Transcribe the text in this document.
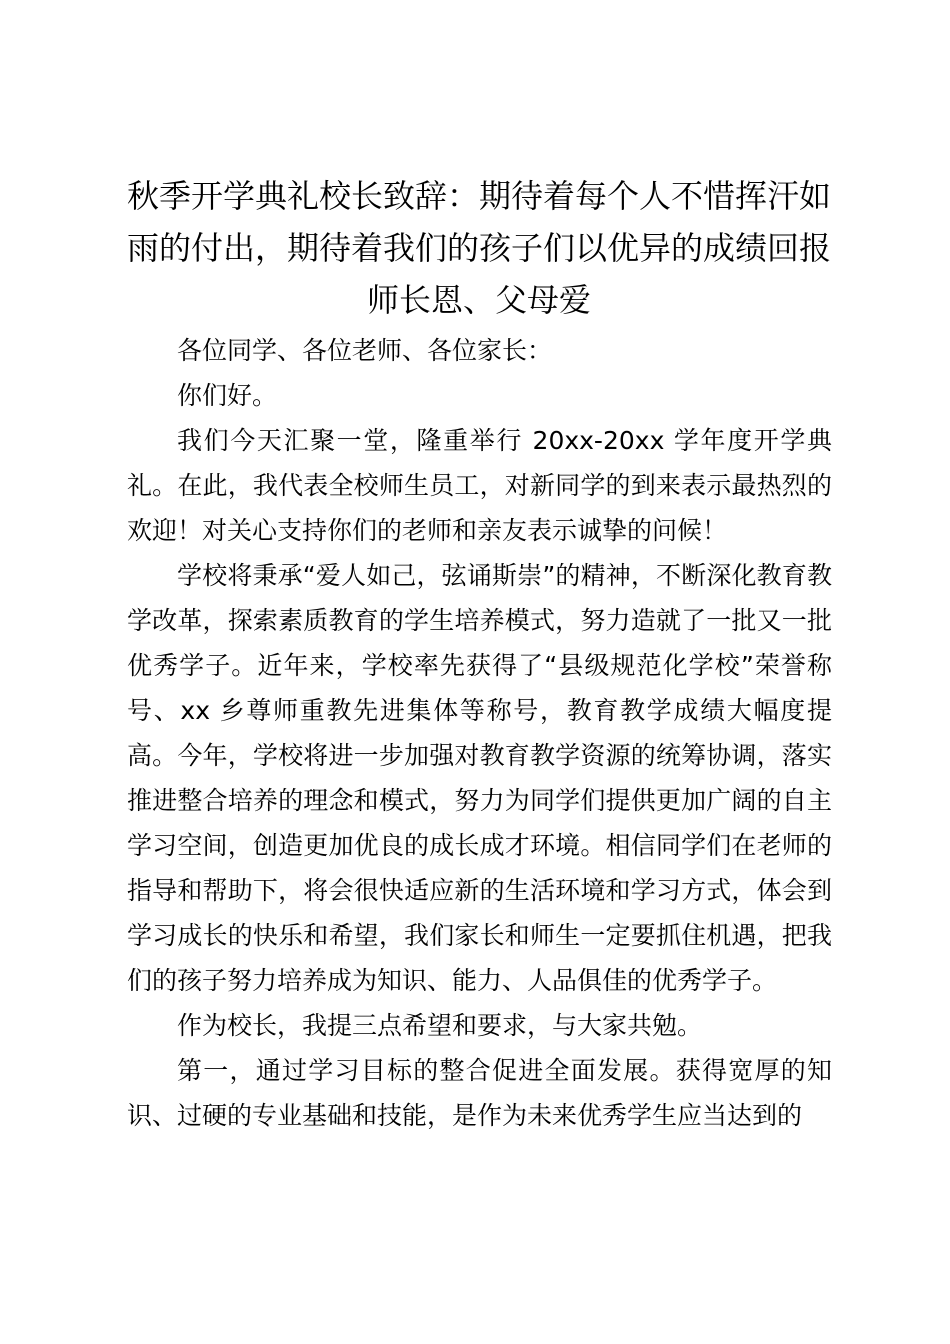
秋季开学典礼校长致辞：期待着每个人不惜挥汗如雨的付出，期待着我们的孩子们以优异的成绩回报师长恩、父母爱

各位同学、各位老师、各位家长：

你们好。

我们今天汇聚一堂，隆重举行 20xx-20xx 学年度开学典礼。在此，我代表全校师生员工，对新同学的到来表示最热烈的欢迎！对关心支持你们的老师和亲友表示诚挚的问候！

学校将秉承“爱人如己，弦诵斯崇”的精神，不断深化教育教学改革，探索素质教育的学生培养模式，努力造就了一批又一批优秀学子。近年来，学校率先获得了“县级规范化学校”荣誉称号、xx 乡尊师重教先进集体等称号，教育教学成绩大幅度提高。今年，学校将进一步加强对教育教学资源的统筹协调，落实推进整合培养的理念和模式，努力为同学们提供更加广阔的自主学习空间，创造更加优良的成长成才环境。相信同学们在老师的指导和帮助下，将会很快适应新的生活环境和学习方式，体会到学习成长的快乐和希望，我们家长和师生一定要抓住机遇，把我们的孩子努力培养成为知识、能力、人品俱佳的优秀学子。

作为校长，我提三点希望和要求，与大家共勉。

第一，通过学习目标的整合促进全面发展。获得宽厚的知识、过硬的专业基础和技能，是作为未来优秀学生应当达到的
